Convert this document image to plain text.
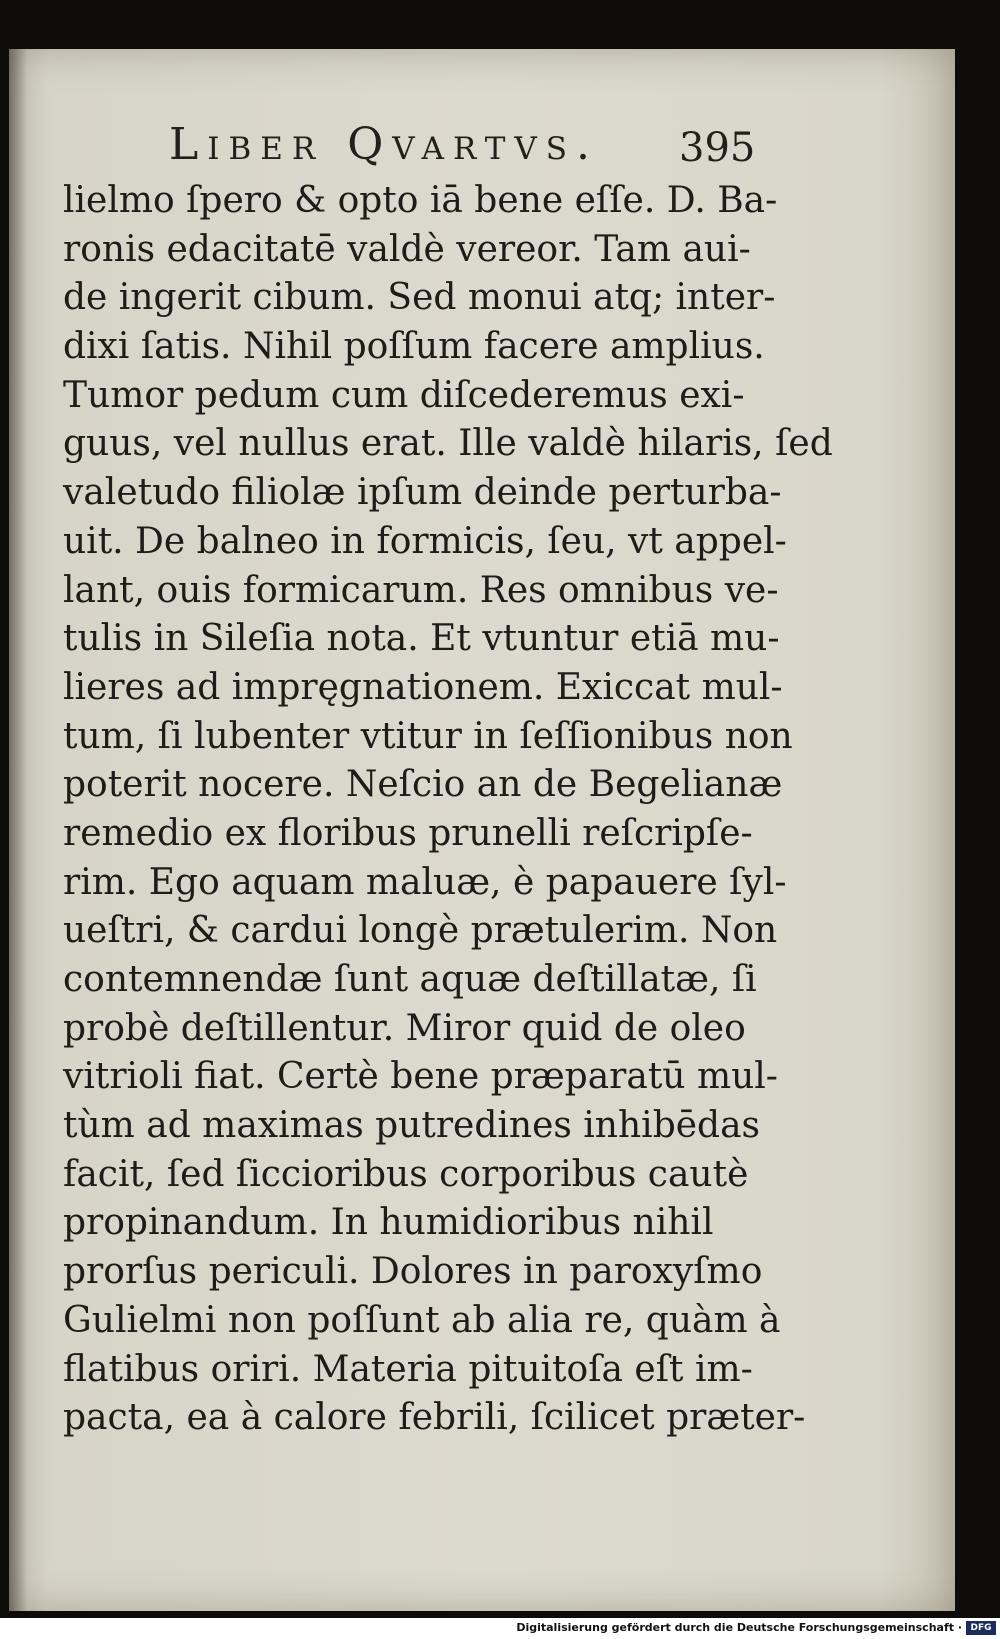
Liber Qvartvs. 395
lielmo ſpero & opto iā bene eſſe. D. Ba-
ronis edacitatē valdè vereor. Tam aui-
de ingerit cibum. Sed monui atq; inter-
dixi ſatis. Nihil poſſum facere amplius.
Tumor pedum cum diſcederemus exi-
guus, vel nullus erat. Ille valdè hilaris, ſed
valetudo filiolæ ipſum deinde perturba-
uit. De balneo in formicis, ſeu, vt appel-
lant, ouis formicarum. Res omnibus ve-
tulis in Sileſia nota. Et vtuntur etiā mu-
lieres ad impręgnationem. Exiccat mul-
tum, ſi lubenter vtitur in ſeſſionibus non
poterit nocere. Neſcio an de Begelianæ
remedio ex floribus prunelli reſcripſe-
rim. Ego aquam maluæ, è papauere ſyl-
ueſtri, & cardui longè prætulerim. Non
contemnendæ ſunt aquæ deſtillatæ, ſi
probè deſtillentur. Miror quid de oleo
vitrioli fiat. Certè bene præparatū mul-
tùm ad maximas putredines inhibēdas
facit, ſed ſiccioribus corporibus cautè
propinandum. In humidioribus nihil
prorſus periculi. Dolores in paroxyſmo
Gulielmi non poſſunt ab alia re, quàm à
flatibus oriri. Materia pituitoſa eſt im-
pacta, ea à calore febrili, ſcilicet præter-
Digitalisierung gefördert durch die Deutsche Forschungsgemeinschaft · DFG
